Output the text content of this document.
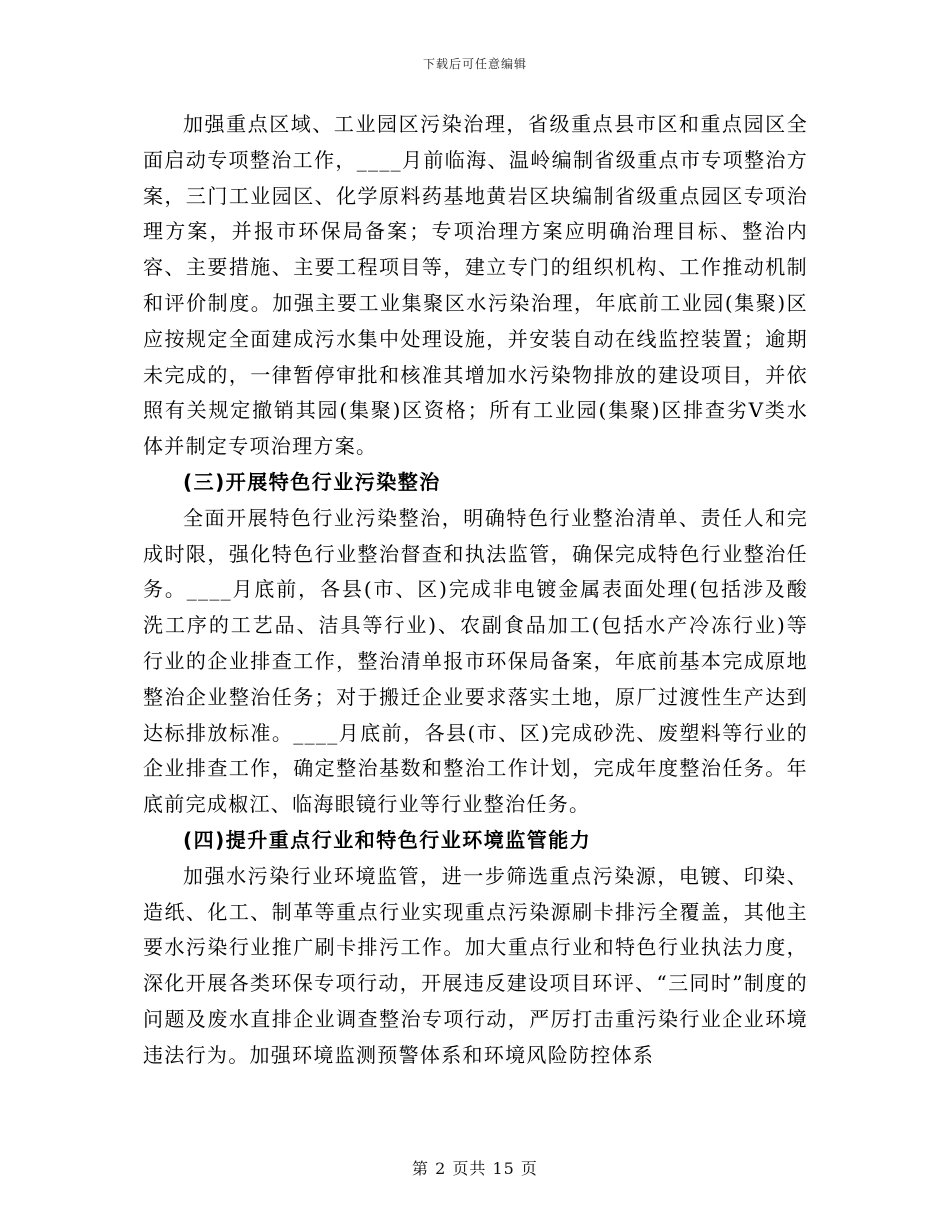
下载后可任意编辑

加强重点区域、工业园区污染治理，省级重点县市区和重点园区全面启动专项整治工作，____月前临海、温岭编制省级重点市专项整治方案，三门工业园区、化学原料药基地黄岩区块编制省级重点园区专项治理方案，并报市环保局备案；专项治理方案应明确治理目标、整治内容、主要措施、主要工程项目等，建立专门的组织机构、工作推动机制和评价制度。加强主要工业集聚区水污染治理，年底前工业园(集聚)区应按规定全面建成污水集中处理设施，并安装自动在线监控装置；逾期未完成的，一律暂停审批和核准其增加水污染物排放的建设项目，并依照有关规定撤销其园(集聚)区资格；所有工业园(集聚)区排查劣Ⅴ类水体并制定专项治理方案。

(三)开展特色行业污染整治

全面开展特色行业污染整治，明确特色行业整治清单、责任人和完成时限，强化特色行业整治督查和执法监管，确保完成特色行业整治任务。____月底前，各县(市、区)完成非电镀金属表面处理(包括涉及酸洗工序的工艺品、洁具等行业)、农副食品加工(包括水产冷冻行业)等行业的企业排查工作，整治清单报市环保局备案，年底前基本完成原地整治企业整治任务；对于搬迁企业要求落实土地，原厂过渡性生产达到达标排放标准。____月底前，各县(市、区)完成砂洗、废塑料等行业的企业排查工作，确定整治基数和整治工作计划，完成年度整治任务。年底前完成椒江、临海眼镜行业等行业整治任务。

(四)提升重点行业和特色行业环境监管能力

加强水污染行业环境监管，进一步筛选重点污染源，电镀、印染、造纸、化工、制革等重点行业实现重点污染源刷卡排污全覆盖，其他主要水污染行业推广刷卡排污工作。加大重点行业和特色行业执法力度，深化开展各类环保专项行动，开展违反建设项目环评、“三同时”制度的问题及废水直排企业调查整治专项行动，严厉打击重污染行业企业环境违法行为。加强环境监测预警体系和环境风险防控体系

第 2 页共 15 页
